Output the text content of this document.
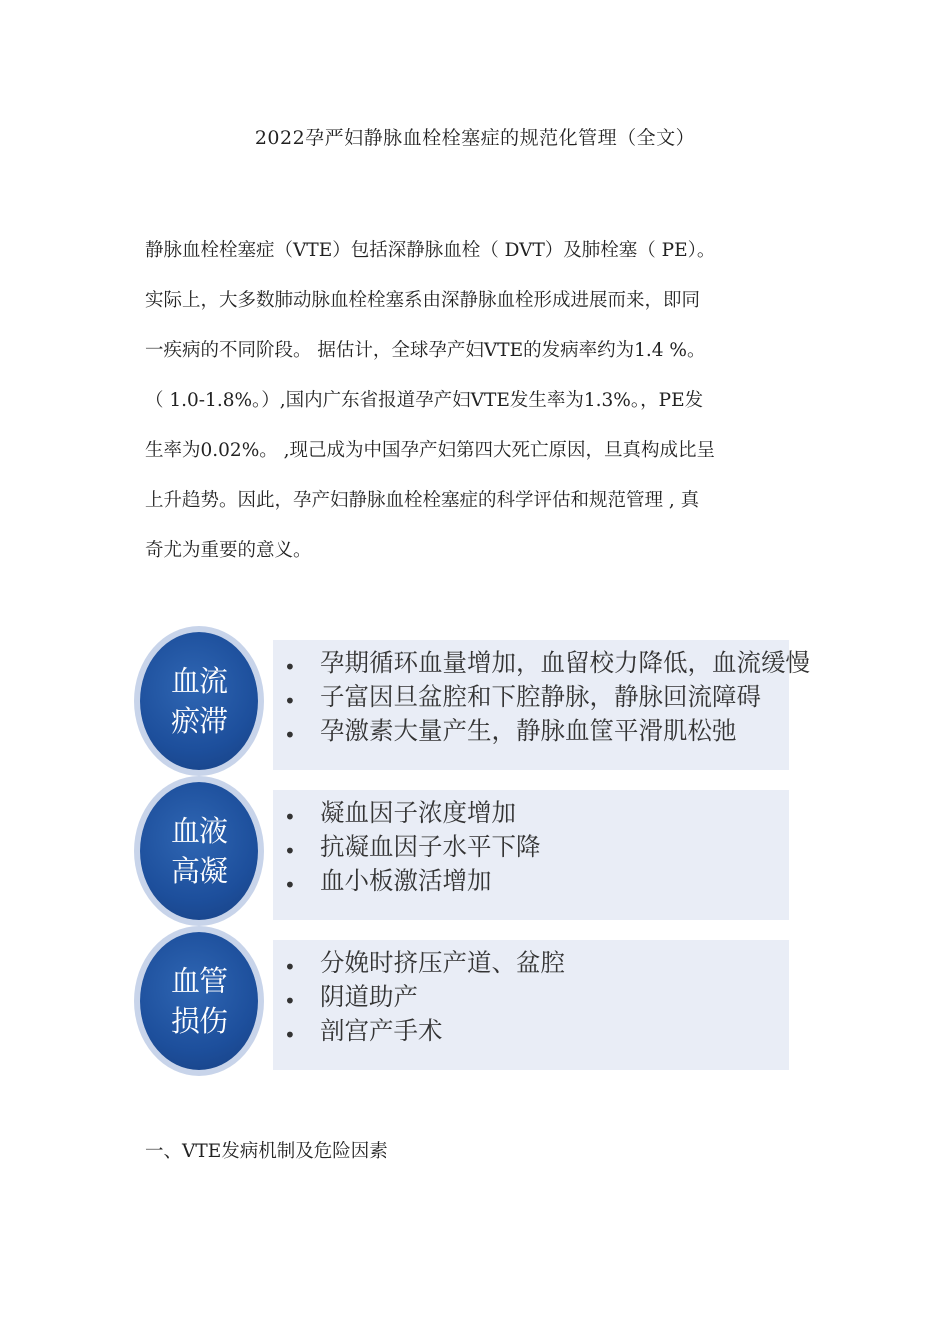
2022孕严妇静脉血栓栓塞症的规范化管理（全文）
静脉血栓栓塞症（VTE）包括深静脉血栓（ DVT）及肺栓塞（ PE）。
实际上，大多数肺动脉血栓栓塞系由深静脉血栓形成进展而来，即同
一疾病的不同阶段。 据估计，全球孕产妇VTE的发病率约为1.4 %。
（ 1.0-1.8%。）,国内广东省报道孕产妇VTE发生率为1.3%。，PE发
生率为0.02%。 ,现己成为中国孕产妇第四大死亡原因，旦真构成比呈
上升趋势。因此，孕产妇静脉血栓栓塞症的科学评估和规范管理 , 真
奇尤为重要的意义。
血流
瘀滞
• 孕期循环血量增加，血留校力降低，血流缓慢
• 子富因旦盆腔和下腔静脉，静脉回流障碍
• 孕激素大量产生，静脉血筐平滑肌松弛
血液
高凝
• 凝血因子浓度增加
• 抗凝血因子水平下降
• 血小板激活增加
血管
损伤
• 分娩时挤压产道、盆腔
• 阴道助产
• 剖宫产手术
一、VTE发病机制及危险因素
